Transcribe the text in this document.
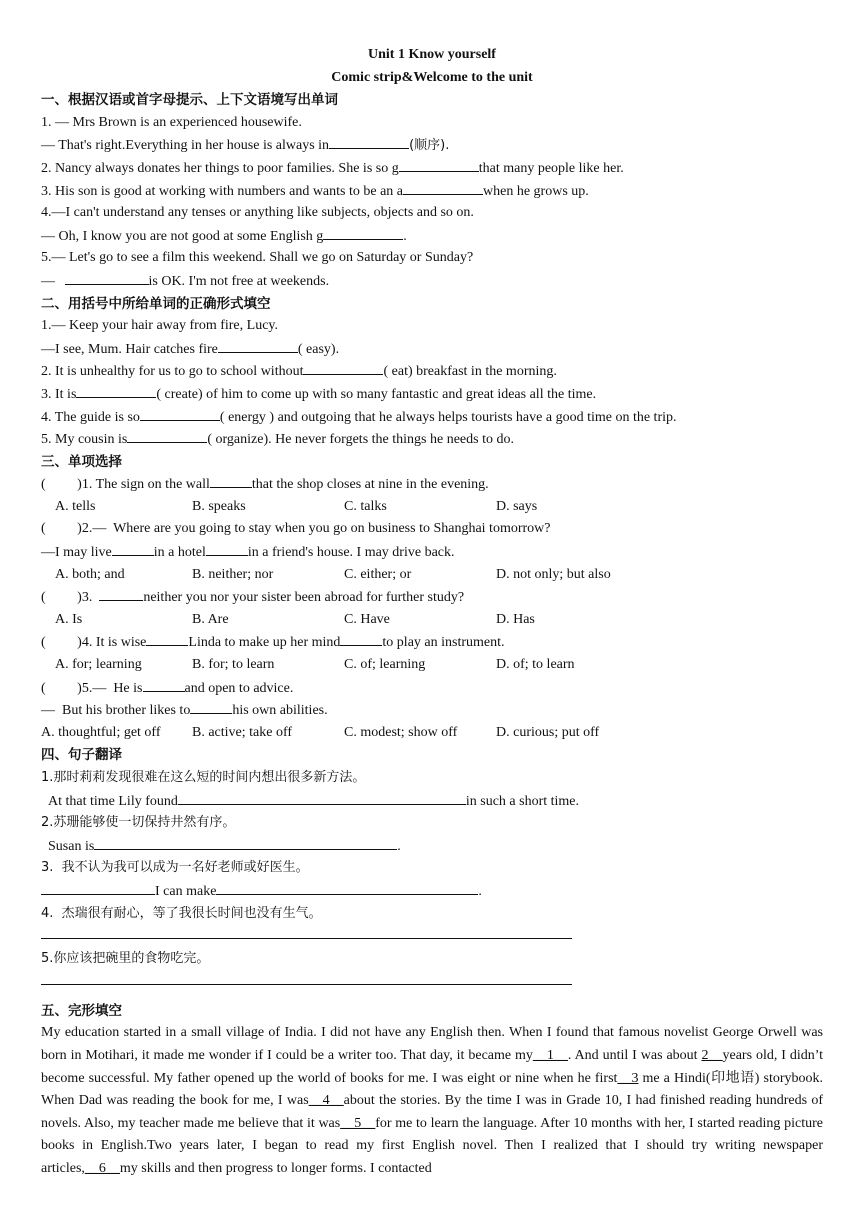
Unit 1 Know yourself
Comic strip&Welcome to the unit
一、根据汉语或首字母提示、上下文语境写出单词
1. — Mrs Brown is an experienced housewife.
— That's right.Everything in her house is always in	(顺序).
2. Nancy always donates her things to poor families. She is so g	that many people like her.
3. His son is good at working with numbers and wants to be an a	when he grows up.
4.—I can't understand any tenses or anything like subjects, objects and so on.
— Oh, I know you are not good at some English g	.
5.— Let's go to see a film this weekend. Shall we go on Saturday or Sunday?
—	is OK. I'm not free at weekends.
二、用括号中所给单词的正确形式填空
1.— Keep your hair away from fire, Lucy.
—I see, Mum. Hair catches fire	( easy).
2. It is unhealthy for us to go to school without	( eat) breakfast in the morning.
3. It is	( create) of him to come up with so many fantastic and great ideas all the time.
4. The guide is so	( energy ) and outgoing that he always helps tourists have a good time on the trip.
5. My cousin is	( organize). He never forgets the things he needs to do.
三、单项选择
(         )1. The sign on the wall	that the shop closes at nine in the evening.
A. tells	B. speaks	C. talks	D. says
(         )2.—  Where are you going to stay when you go on business to Shanghai tomorrow?
—I may live	in a hotel	in a friend's house. I may drive back.
A. both; and	B. neither; nor	C. either; or	D. not only; but also
(         )3.	neither you nor your sister been abroad for further study?
A. Is	B. Are	C. Have	D. Has
(         )4. It is wise	Linda to make up her mind	to play an instrument.
A. for; learning	B. for; to learn	C. of; learning	D. of; to learn
(         )5.—  He is	and open to advice.
—  But his brother likes to	his own abilities.
A. thoughtful; get off	B. active; take off	C. modest; show off	D. curious; put off
四、句子翻译
1.那时莉莉发现很难在这么短的时间内想出很多新方法。
At that time Lily found	in such a short time.
2.苏珊能够使一切保持井然有序。
Susan is	.
3.  我不认为我可以成为一名好老师或好医生。
I can make	.
4.  杰瑞很有耐心，等了我很长时间也没有生气。
5.你应该把碗里的食物吃完。
五、完形填空
My education started in a small village of India. I did not have any English then. When I found that famous novelist George Orwell was born in Motihari, it made me wonder if I could be a writer too. That day, it became my__1__. And until I was about 2__years old, I didn’t become successful. My father opened up the world of books for me. I was eight or nine when he first__3 me a Hindi(印地语) storybook. When Dad was reading the book for me, I was__4__about the stories. By the time I was in Grade 10, I had finished reading hundreds of novels. Also, my teacher made me believe that it was__5__for me to learn the language. After 10 months with her, I started reading picture books in English.Two years later, I began to read my first English novel. Then I realized that I should try writing newspaper articles,__6__my skills and then progress to longer forms. I contacted
